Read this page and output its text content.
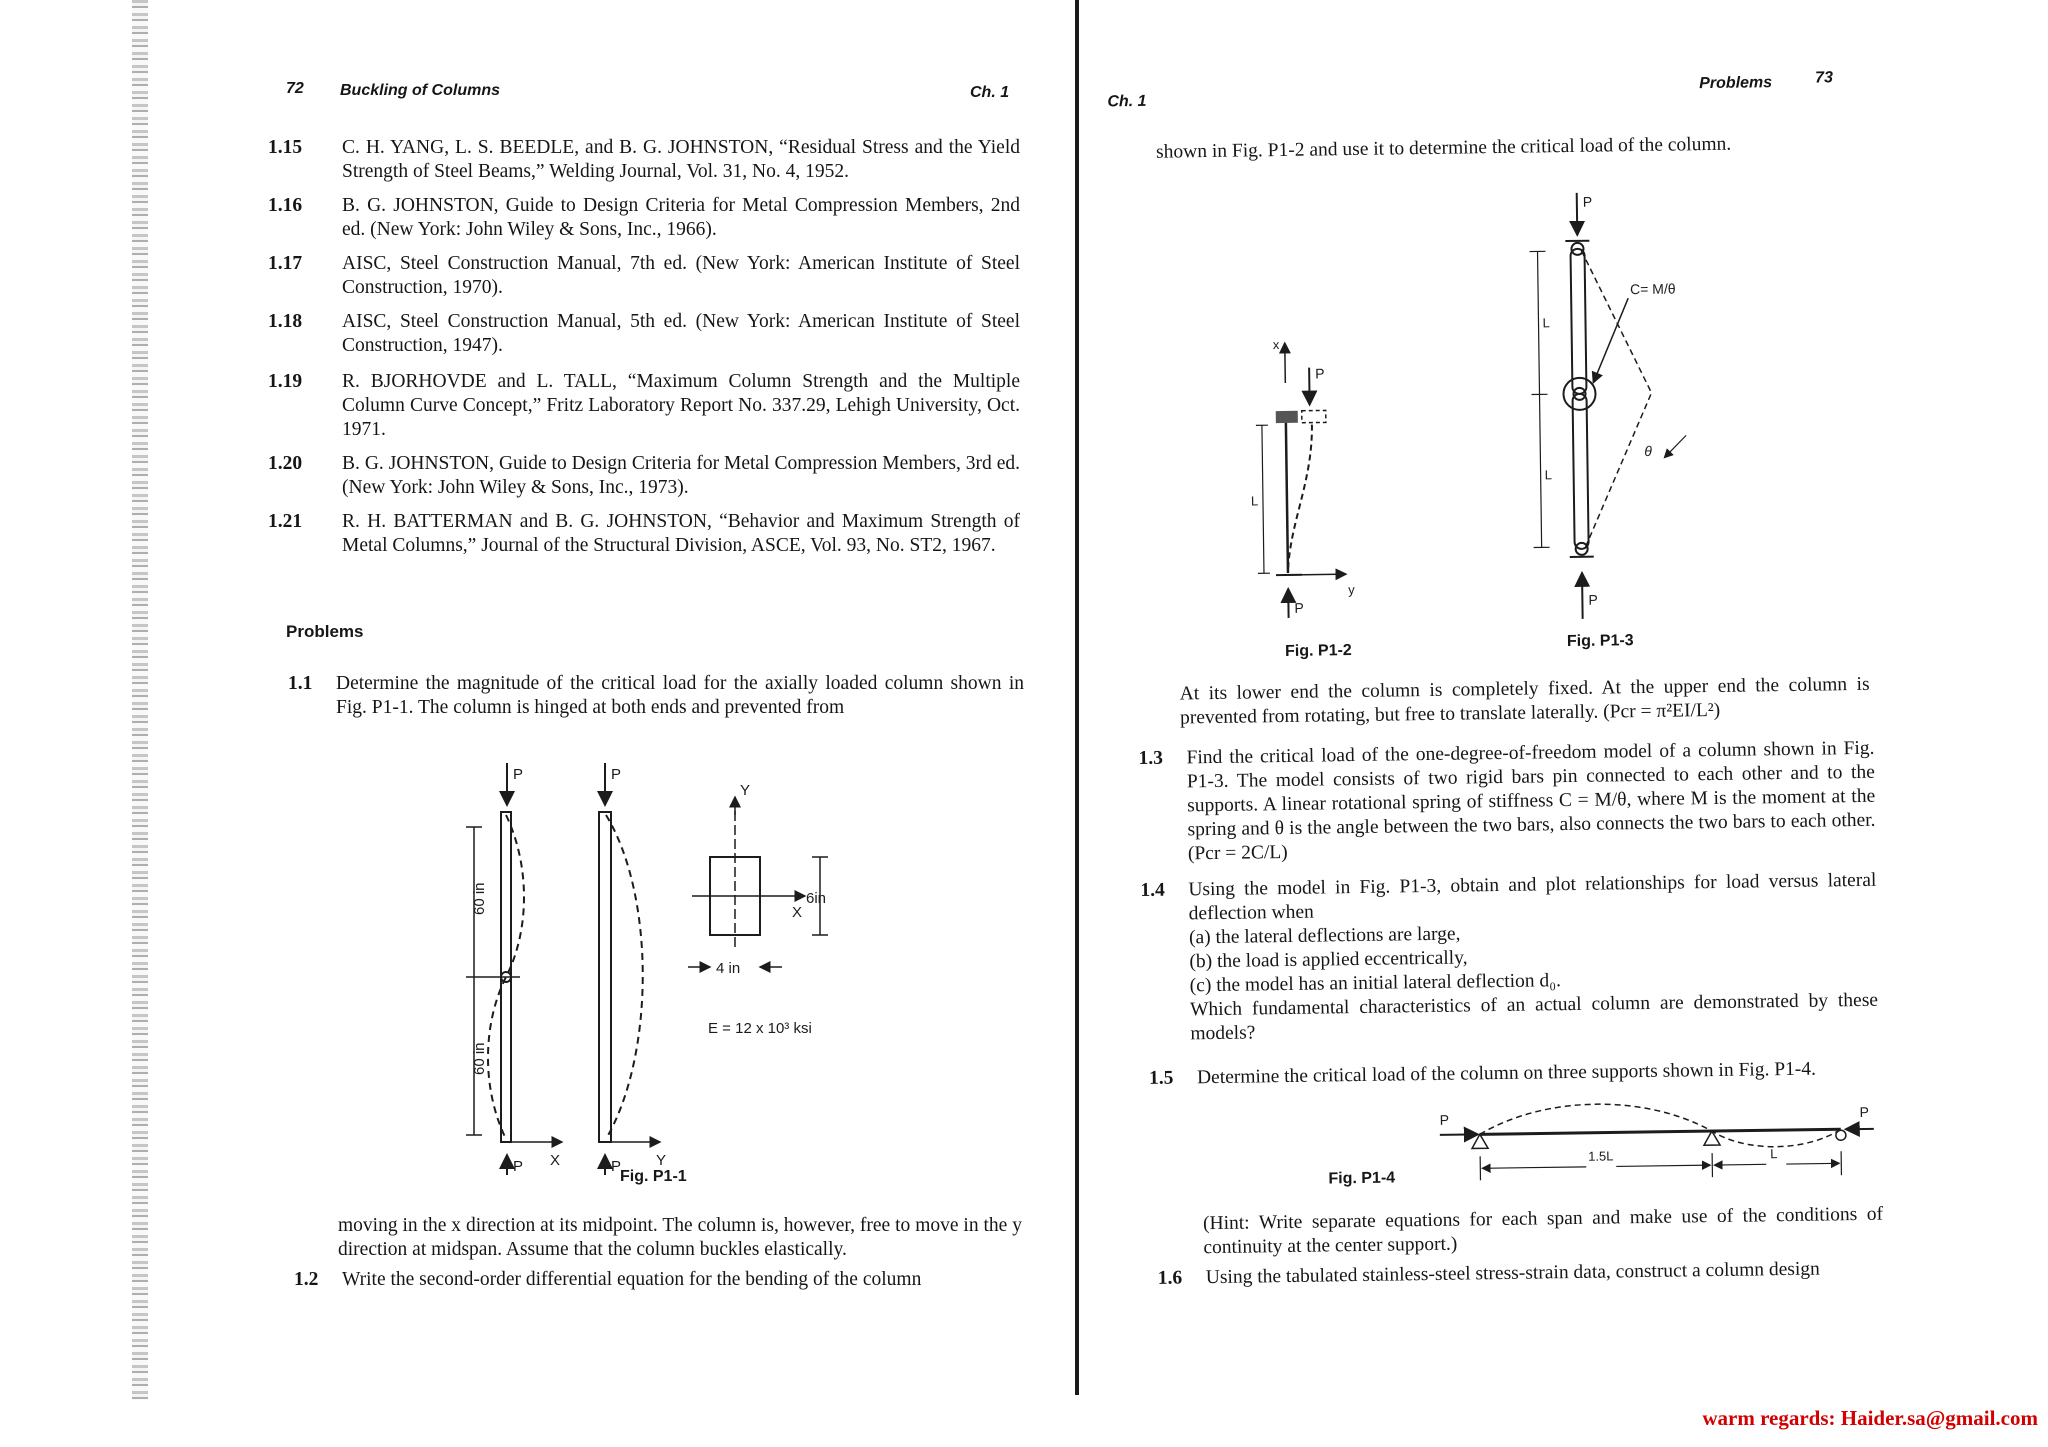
72 Buckling of Columns	Ch. 1
1.15 C. H. YANG, L. S. BEEDLE, and B. G. JOHNSTON, “Residual Stress and the Yield Strength of Steel Beams,” Welding Journal, Vol. 31, No. 4, 1952.
1.16 B. G. JOHNSTON, Guide to Design Criteria for Metal Compression Members, 2nd ed. (New York: John Wiley & Sons, Inc., 1966).
1.17 AISC, Steel Construction Manual, 7th ed. (New York: American Institute of Steel Construction, 1970).
1.18 AISC, Steel Construction Manual, 5th ed. (New York: American Institute of Steel Construction, 1947).
1.19 R. BJORHOVDE and L. TALL, “Maximum Column Strength and the Multiple Column Curve Concept,” Fritz Laboratory Report No. 337.29, Lehigh University, Oct. 1971.
1.20 B. G. JOHNSTON, Guide to Design Criteria for Metal Compression Members, 3rd ed. (New York: John Wiley & Sons, Inc., 1973).
1.21 R. H. BATTERMAN and B. G. JOHNSTON, “Behavior and Maximum Strength of Metal Columns,” Journal of the Structural Division, ASCE, Vol. 93, No. ST2, 1967.
Problems
1.1 Determine the magnitude of the critical load for the axially loaded column shown in Fig. P1-1. The column is hinged at both ends and prevented from
P
60 in
60 in
X
P
P
Y
P
Y
X
6in
4 in
E = 12 x 10³ ksi
Fig. P1-1
moving in the x direction at its midpoint. The column is, however, free to move in the y direction at midspan. Assume that the column buckles elastically.
1.2 Write the second-order differential equation for the bending of the column
Ch. 1
Problems	73
shown in Fig. P1-2 and use it to determine the critical load of the column.
x
P
L
y
P
Fig. P1-2
P
L
L
C= M/θ
θ
P
Fig. P1-3
At its lower end the column is completely fixed. At the upper end the column is prevented from rotating, but free to translate laterally. (Pcr = π²EI/L²)
1.3 Find the critical load of the one-degree-of-freedom model of a column shown in Fig. P1-3. The model consists of two rigid bars pin connected to each other and to the supports. A linear rotational spring of stiffness C = M/θ, where M is the moment at the spring and θ is the angle between the two bars, also connects the two bars to each other. (Pcr = 2C/L)
1.4 Using the model in Fig. P1-3, obtain and plot relationships for load versus lateral deflection when
(a) the lateral deflections are large,
(b) the load is applied eccentrically,
(c) the model has an initial lateral deflection d₀.
Which fundamental characteristics of an actual column are demonstrated by these models?
1.5 Determine the critical load of the column on three supports shown in Fig. P1-4.
P	P
1.5L	L
Fig. P1-4
(Hint: Write separate equations for each span and make use of the conditions of continuity at the center support.)
1.6 Using the tabulated stainless-steel stress-strain data, construct a column design
warm regards: Haider.sa@gmail.com
